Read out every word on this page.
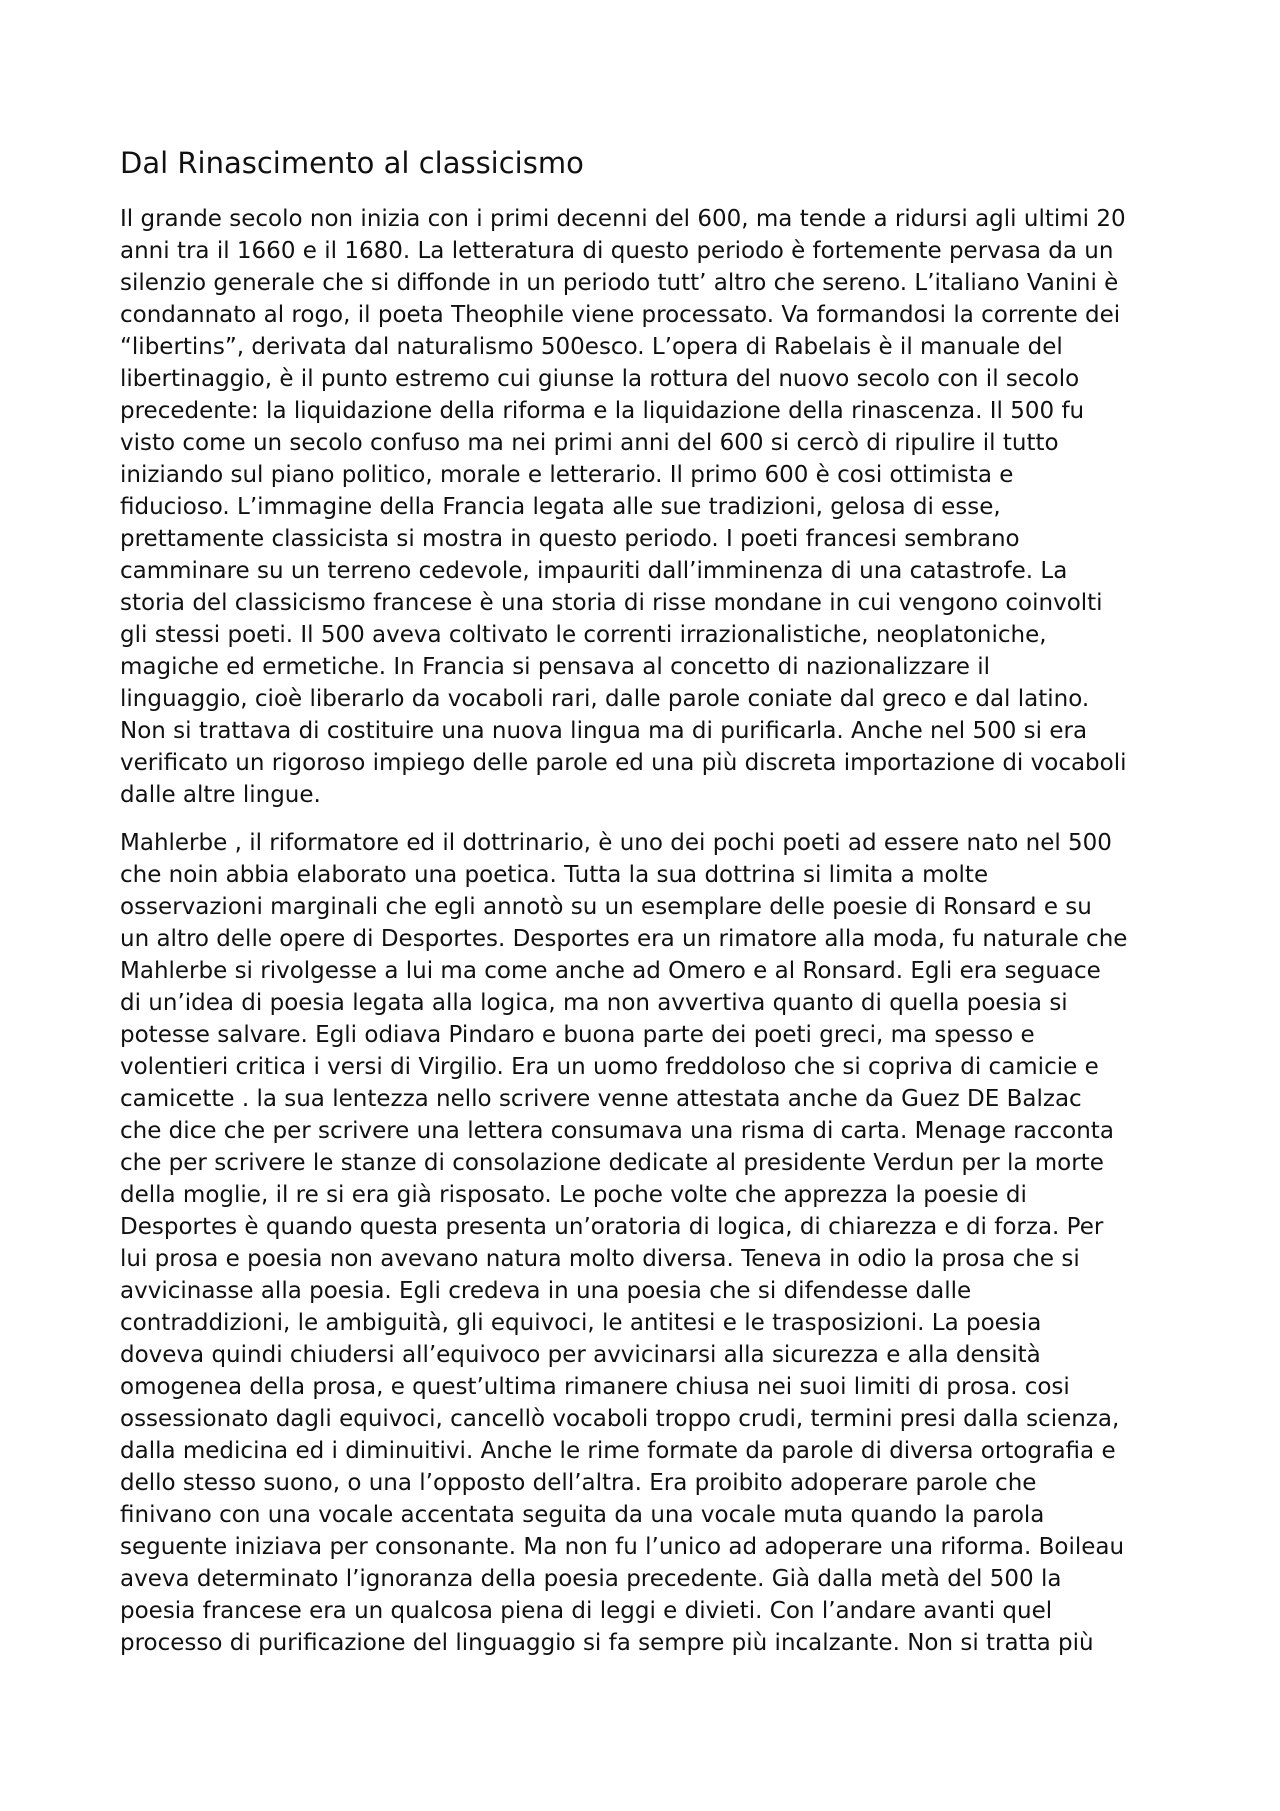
Dal Rinascimento al classicismo
Il grande secolo non inizia con i primi decenni del 600, ma tende a ridursi agli ultimi 20
anni tra il 1660 e il 1680. La letteratura di questo periodo è fortemente pervasa da un
silenzio generale che si diffonde in un periodo tutt’ altro che sereno. L’italiano Vanini è
condannato al rogo, il poeta Theophile viene processato. Va formandosi la corrente dei
“libertins”, derivata dal naturalismo 500esco. L’opera di Rabelais è il manuale del
libertinaggio, è il punto estremo cui giunse la rottura del nuovo secolo con il secolo
precedente: la liquidazione della riforma e la liquidazione della rinascenza. Il 500 fu
visto come un secolo confuso ma nei primi anni del 600 si cercò di ripulire il tutto
iniziando sul piano politico, morale e letterario. Il primo 600 è cosi ottimista e
fiducioso. L’immagine della Francia legata alle sue tradizioni, gelosa di esse,
prettamente classicista si mostra in questo periodo. I poeti francesi sembrano
camminare su un terreno cedevole, impauriti dall’imminenza di una catastrofe. La
storia del classicismo francese è una storia di risse mondane in cui vengono coinvolti
gli stessi poeti. Il 500 aveva coltivato le correnti irrazionalistiche, neoplatoniche,
magiche ed ermetiche. In Francia si pensava al concetto di nazionalizzare il
linguaggio, cioè liberarlo da vocaboli rari, dalle parole coniate dal greco e dal latino.
Non si trattava di costituire una nuova lingua ma di purificarla. Anche nel 500 si era
verificato un rigoroso impiego delle parole ed una più discreta importazione di vocaboli
dalle altre lingue.
Mahlerbe , il riformatore ed il dottrinario, è uno dei pochi poeti ad essere nato nel 500
che noin abbia elaborato una poetica. Tutta la sua dottrina si limita a molte
osservazioni marginali che egli annotò su un esemplare delle poesie di Ronsard e su
un altro delle opere di Desportes. Desportes era un rimatore alla moda, fu naturale che
Mahlerbe si rivolgesse a lui ma come anche ad Omero e al Ronsard. Egli era seguace
di un’idea di poesia legata alla logica, ma non avvertiva quanto di quella poesia si
potesse salvare. Egli odiava Pindaro e buona parte dei poeti greci, ma spesso e
volentieri critica i versi di Virgilio. Era un uomo freddoloso che si copriva di camicie e
camicette . la sua lentezza nello scrivere venne attestata anche da Guez DE Balzac
che dice che per scrivere una lettera consumava una risma di carta. Menage racconta
che per scrivere le stanze di consolazione dedicate al presidente Verdun per la morte
della moglie, il re si era già risposato. Le poche volte che apprezza la poesie di
Desportes è quando questa presenta un’oratoria di logica, di chiarezza e di forza. Per
lui prosa e poesia non avevano natura molto diversa. Teneva in odio la prosa che si
avvicinasse alla poesia. Egli credeva in una poesia che si difendesse dalle
contraddizioni, le ambiguità, gli equivoci, le antitesi e le trasposizioni. La poesia
doveva quindi chiudersi all’equivoco per avvicinarsi alla sicurezza e alla densità
omogenea della prosa, e quest’ultima rimanere chiusa nei suoi limiti di prosa. cosi
ossessionato dagli equivoci, cancellò vocaboli troppo crudi, termini presi dalla scienza,
dalla medicina ed i diminuitivi. Anche le rime formate da parole di diversa ortografia e
dello stesso suono, o una l’opposto dell’altra. Era proibito adoperare parole che
finivano con una vocale accentata seguita da una vocale muta quando la parola
seguente iniziava per consonante. Ma non fu l’unico ad adoperare una riforma. Boileau
aveva determinato l’ignoranza della poesia precedente. Già dalla metà del 500 la
poesia francese era un qualcosa piena di leggi e divieti. Con l’andare avanti quel
processo di purificazione del linguaggio si fa sempre più incalzante. Non si tratta più
